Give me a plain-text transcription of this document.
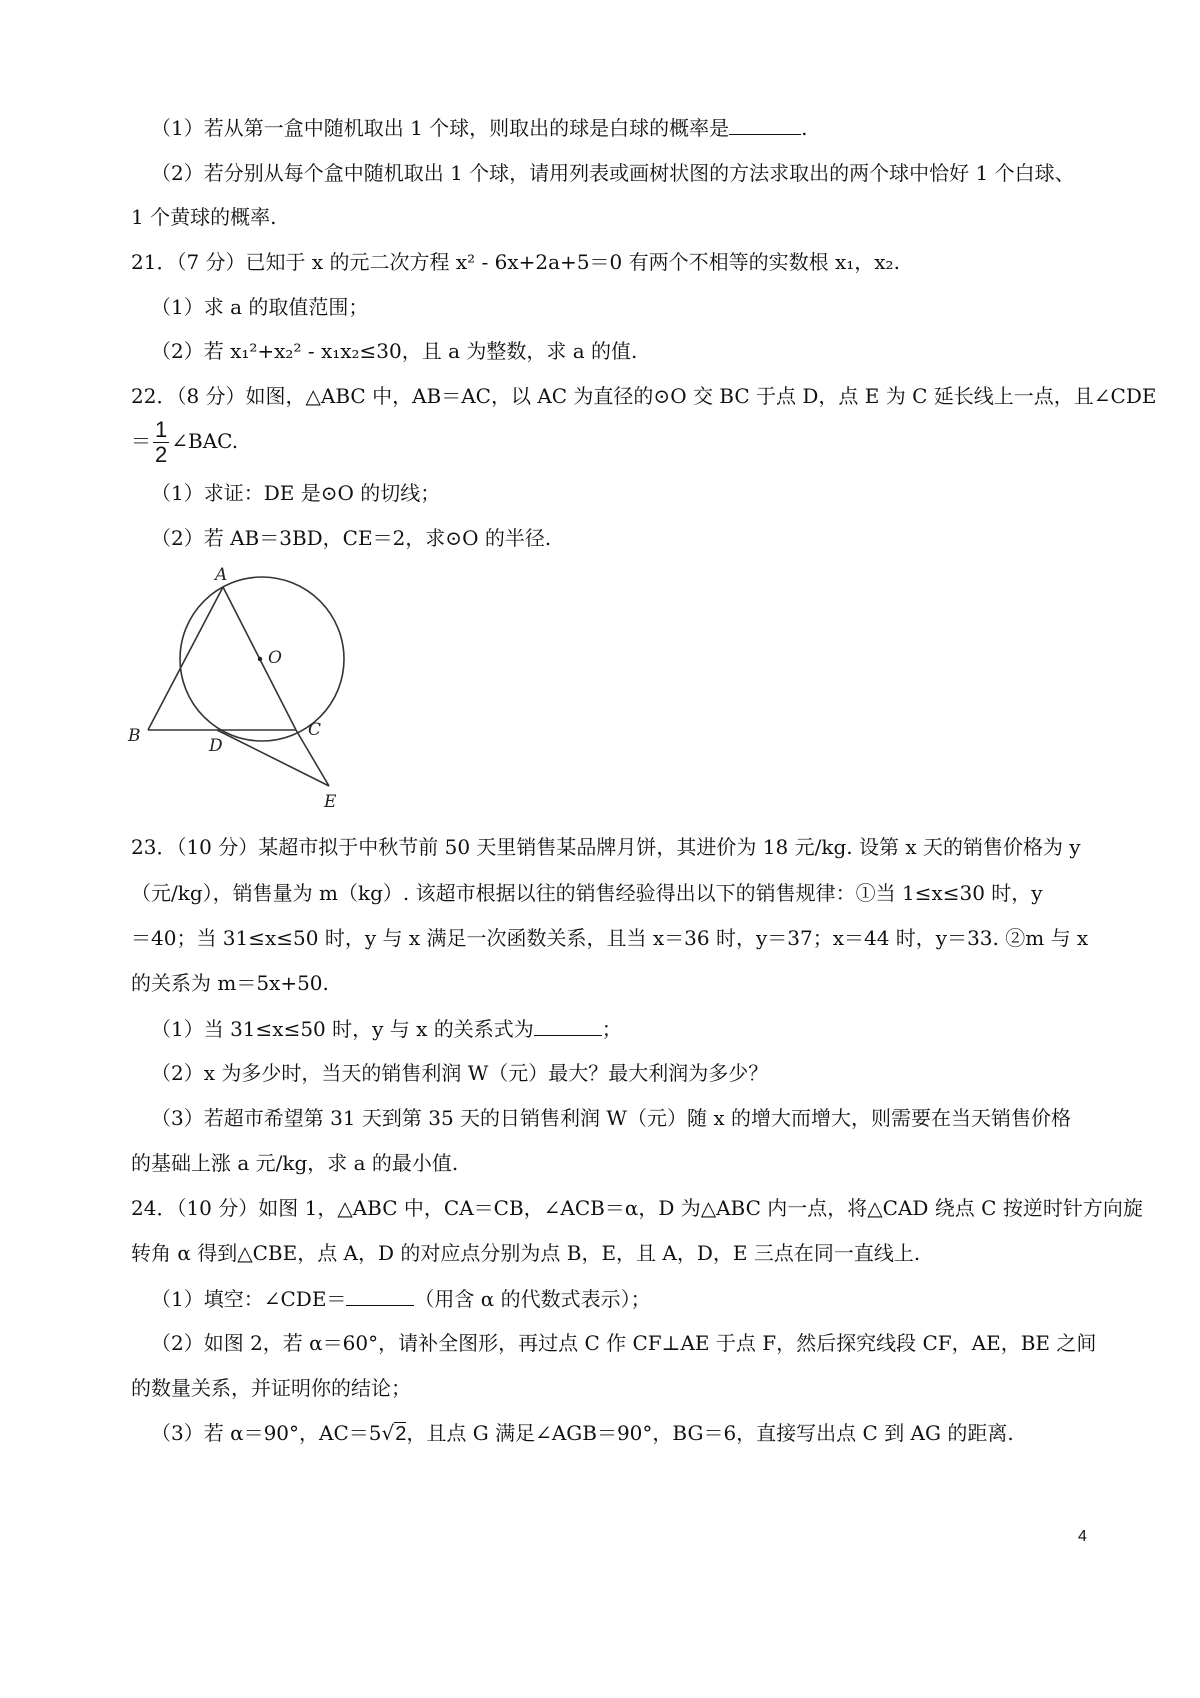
（1）若从第一盒中随机取出 1 个球，则取出的球是白球的概率是	.
（2）若分别从每个盒中随机取出 1 个球，请用列表或画树状图的方法求取出的两个球中恰好 1 个白球、
1 个黄球的概率.
21．（7 分）已知于 x 的元二次方程 x² - 6x+2a+5＝0 有两个不相等的实数根 x₁，x₂.
（1）求 a 的取值范围；
（2）若 x₁²+x₂² - x₁x₂≤30，且 a 为整数，求 a 的值.
22．（8 分）如图，△ABC 中，AB＝AC，以 AC 为直径的⊙O 交 BC 于点 D，点 E 为 C 延长线上一点，且∠CDE
＝ $\frac{1}{2}$ ∠BAC.
（1）求证：DE 是⊙O 的切线；
（2）若 AB＝3BD，CE＝2，求⊙O 的半径.
A
O
B	D
C
E
23．（10 分）某超市拟于中秋节前 50 天里销售某品牌月饼，其进价为 18 元/kg. 设第 x 天的销售价格为 y
（元/kg），销售量为 m（kg）. 该超市根据以往的销售经验得出以下的销售规律：①当 1≤x≤30 时，y
＝40；当 31≤x≤50 时，y 与 x 满足一次函数关系，且当 x＝36 时，y＝37；x＝44 时，y＝33. ②m 与 x
的关系为 m＝5x+50.
（1）当 31≤x≤50 时，y 与 x 的关系式为	；
（2）x 为多少时，当天的销售利润 W（元）最大？最大利润为多少？
（3）若超市希望第 31 天到第 35 天的日销售利润 W（元）随 x 的增大而增大，则需要在当天销售价格
的基础上涨 a 元/kg，求 a 的最小值.
24．（10 分）如图 1，△ABC 中，CA＝CB，∠ACB＝α，D 为△ABC 内一点，将△CAD 绕点 C 按逆时针方向旋
转角 α 得到△CBE，点 A，D 的对应点分别为点 B，E，且 A，D，E 三点在同一直线上.
（1）填空：∠CDE＝	（用含 α 的代数式表示）；
（2）如图 2，若 α＝60°，请补全图形，再过点 C 作 CF⊥AE 于点 F，然后探究线段 CF，AE，BE 之间
的数量关系，并证明你的结论；
（3）若 α＝90°，AC＝5√2，且点 G 满足∠AGB＝90°，BG＝6，直接写出点 C 到 AG 的距离.
4
